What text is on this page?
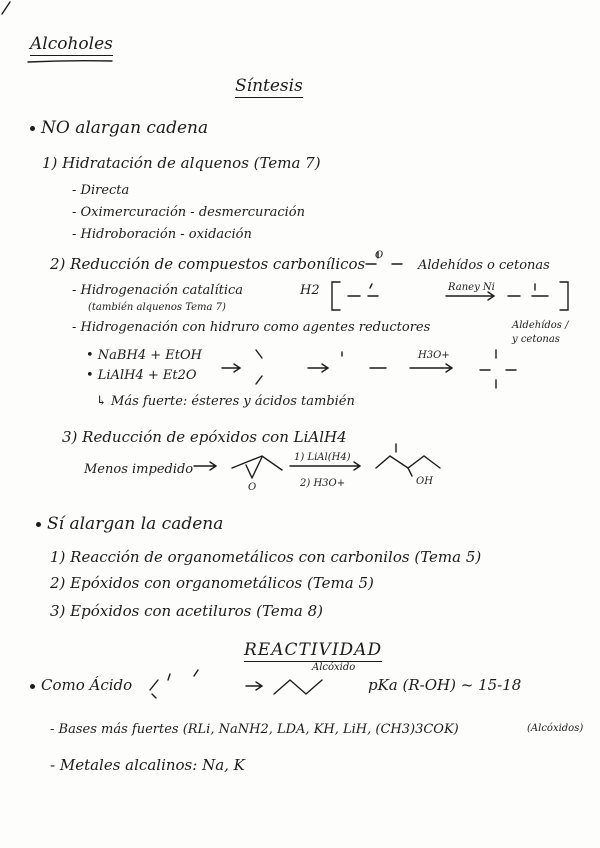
Alcoholes
Síntesis
NO alargan cadena
1) Hidratación de alquenos (Tema 7)
- Directa
- Oximercuración - desmercuración
- Hidroboración - oxidación
2) Reducción de compuestos carbonílicos O
Aldehídos o cetonas
- Hidrogenación catalítica	H2
(también alquenos Tema 7)
Raney Ni
- Hidrogenación con hidruro como agentes reductores	Aldehídos /
y cetonas
• NaBH4 + EtOH
• LiAlH4 + Et2O
H3O+
↳ Más fuerte: ésteres y ácidos también
3) Reducción de epóxidos con LiAlH4
Menos impedido
1) LiAl(H4)
2) H3O+	OH
O
Sí alargan la cadena
1) Reacción de organometálicos con carbonilos (Tema 5)
2) Epóxidos con organometálicos (Tema 5)
3) Epóxidos con acetiluros (Tema 8)
REACTIVIDAD
Como Ácido
Alcóxido
pKa (R-OH) ~ 15-18
- Bases más fuertes (RLi, NaNH2, LDA, KH, LiH, (CH3)3COK)	(Alcóxidos)
- Metales alcalinos: Na, K
